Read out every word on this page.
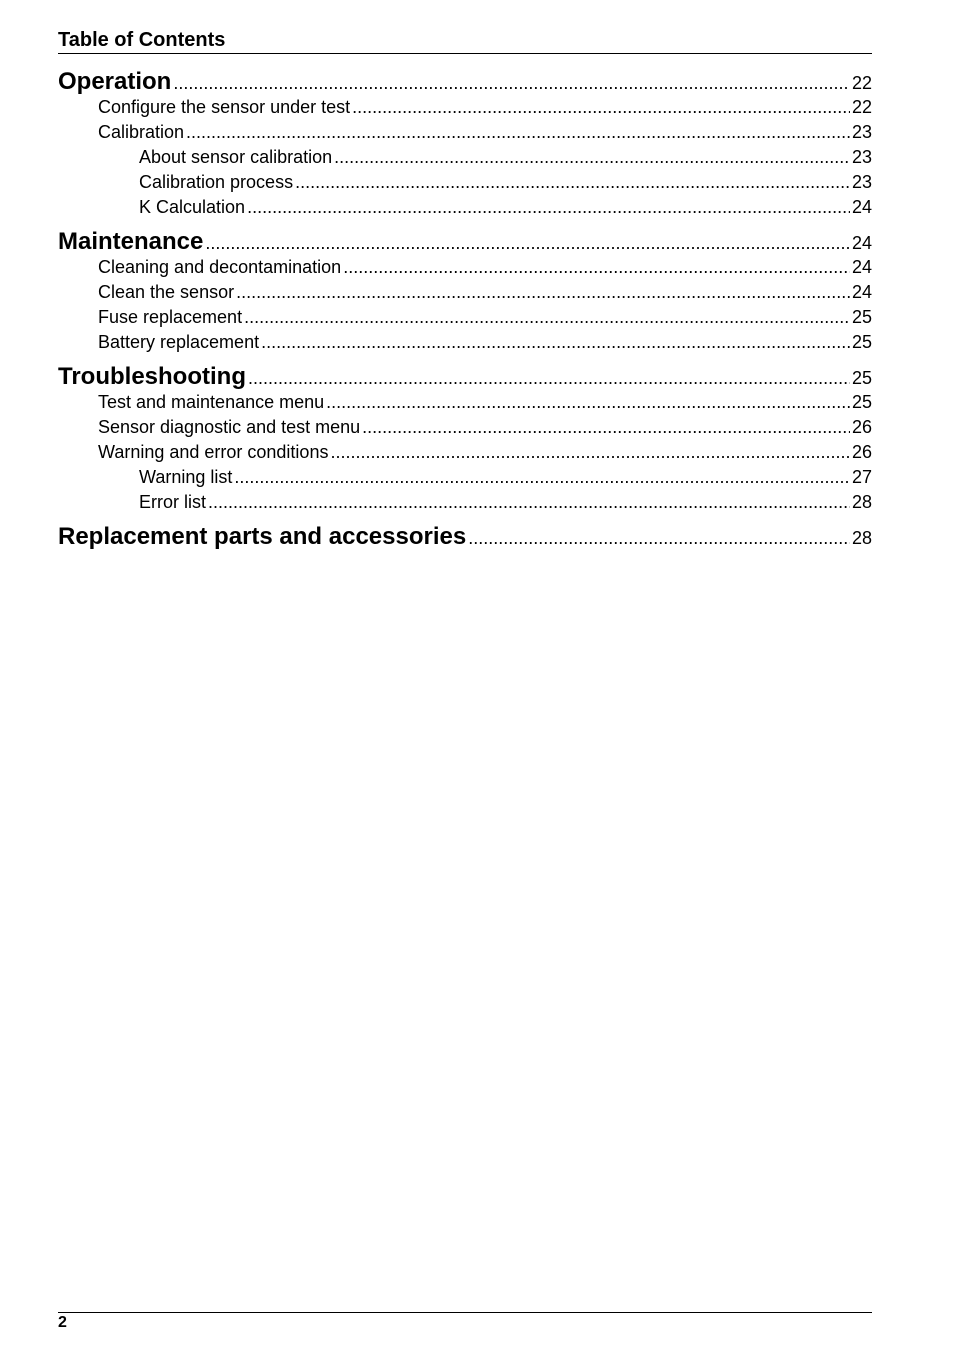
Table of Contents
Operation .....	22
Configure the sensor under test .....	22
Calibration .....	23
About sensor calibration .....	23
Calibration process .....	23
K Calculation .....	24
Maintenance .....	24
Cleaning and decontamination .....	24
Clean the sensor .....	24
Fuse replacement .....	25
Battery replacement .....	25
Troubleshooting .....	25
Test and maintenance menu .....	25
Sensor diagnostic and test menu .....	26
Warning and error conditions .....	26
Warning list .....	27
Error list .....	28
Replacement parts and accessories .....	28
2
